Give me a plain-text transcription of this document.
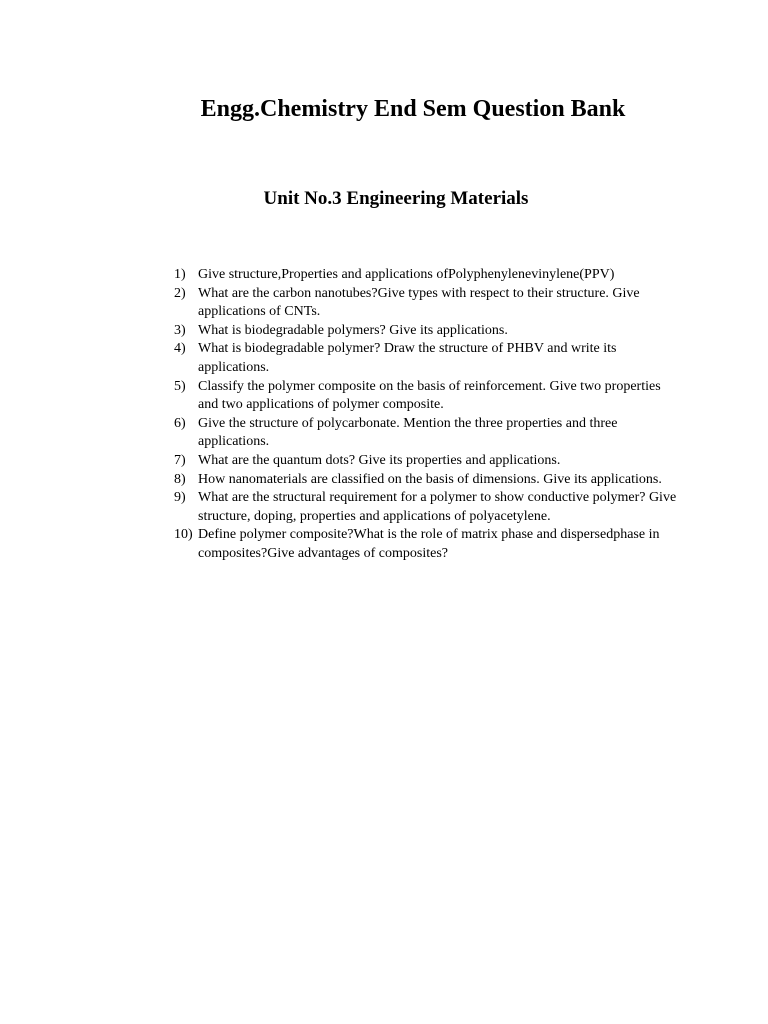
Engg.Chemistry End Sem Question Bank
Unit No.3 Engineering Materials
1) Give structure,Properties and applications ofPolyphenylenevinylene(PPV)
2) What are the carbon nanotubes?Give types with respect to their structure. Give applications of CNTs.
3) What is biodegradable polymers? Give its applications.
4) What is biodegradable polymer? Draw the structure of PHBV and write its applications.
5) Classify the polymer composite on the basis of reinforcement. Give two properties and two applications of polymer composite.
6) Give the structure of polycarbonate. Mention the three properties and three applications.
7) What are the quantum dots? Give its properties and applications.
8) How nanomaterials are classified on the basis of dimensions. Give its applications.
9) What are the structural requirement for a polymer to show conductive polymer? Give structure, doping, properties and applications of polyacetylene.
10) Define polymer composite?What is the role of matrix phase and dispersedphase in composites?Give advantages of composites?
